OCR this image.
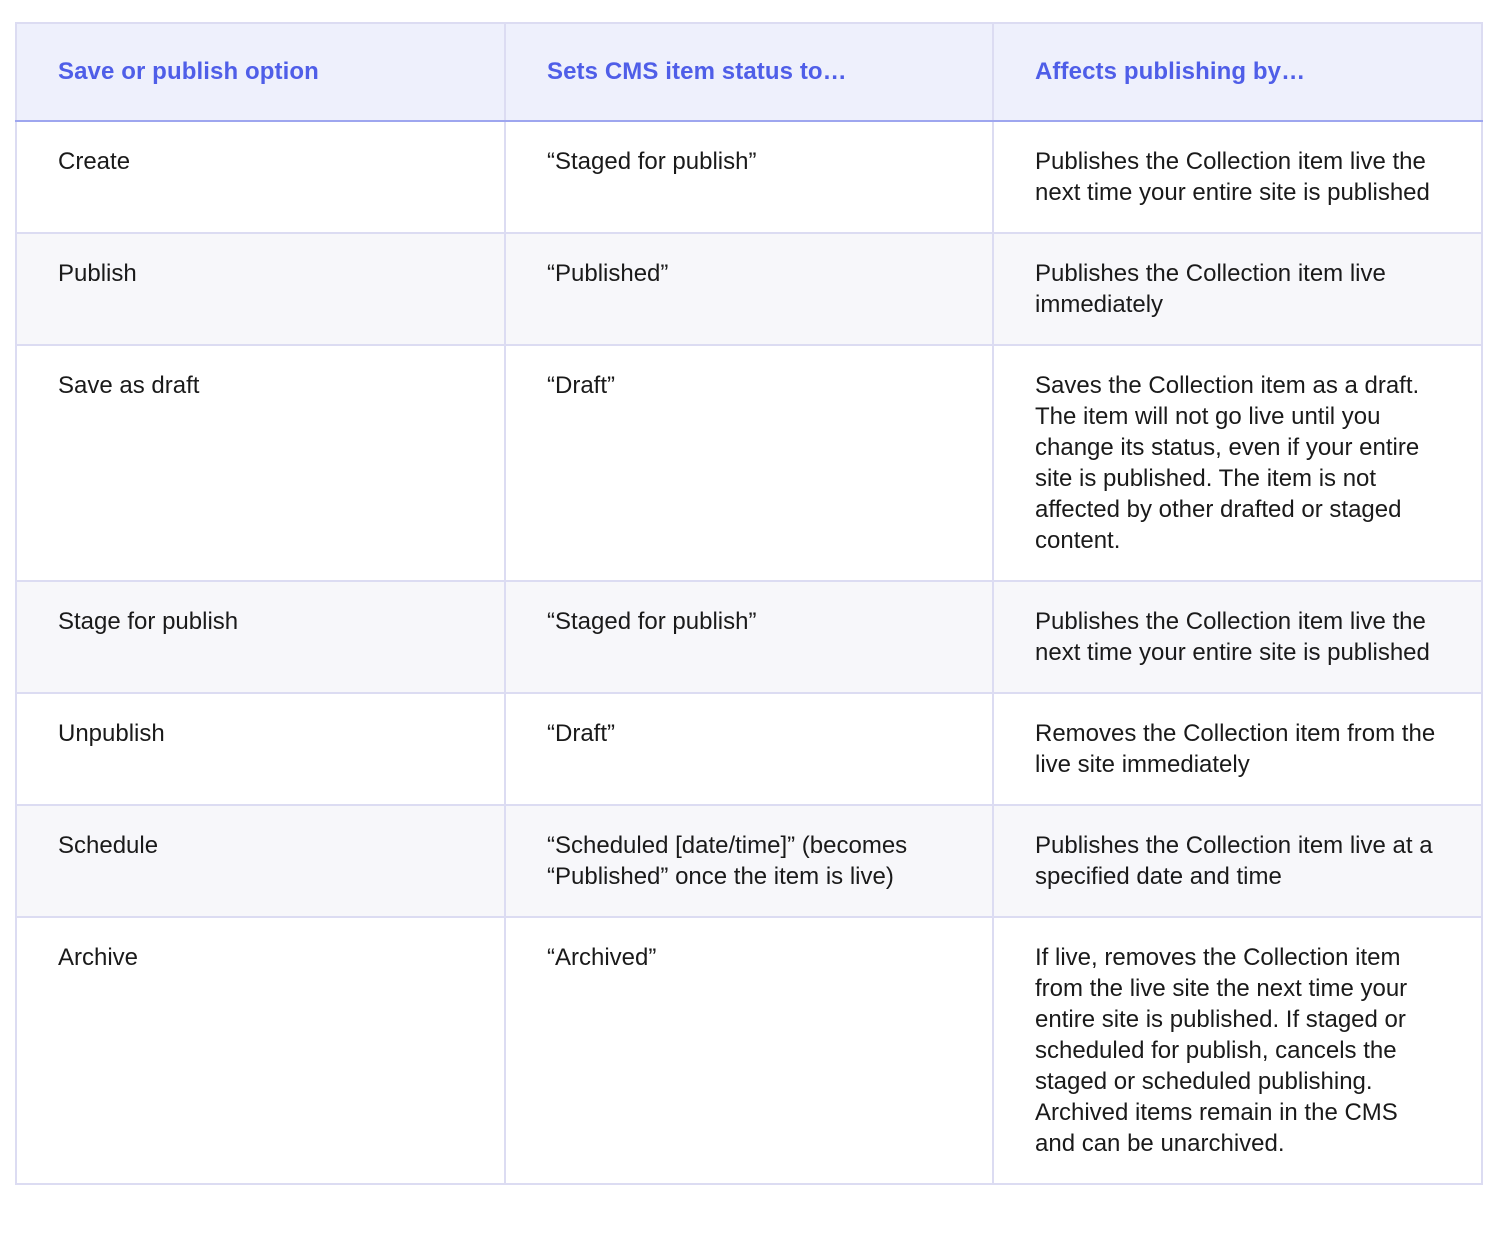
Save or publish option	Sets CMS item status to…	Affects publishing by…
Create	“Staged for publish”	Publishes the Collection item live the next time your entire site is published
Publish	“Published”	Publishes the Collection item live immediately
Save as draft	“Draft”	Saves the Collection item as a draft. The item will not go live until you change its status, even if your entire site is published. The item is not affected by other drafted or staged content.
Stage for publish	“Staged for publish”	Publishes the Collection item live the next time your entire site is published
Unpublish	“Draft”	Removes the Collection item from the live site immediately
Schedule	“Scheduled [date/time]” (becomes “Published” once the item is live)	Publishes the Collection item live at a specified date and time
Archive	“Archived”	If live, removes the Collection item from the live site the next time your entire site is published. If staged or scheduled for publish, cancels the staged or scheduled publishing. Archived items remain in the CMS and can be unarchived.
